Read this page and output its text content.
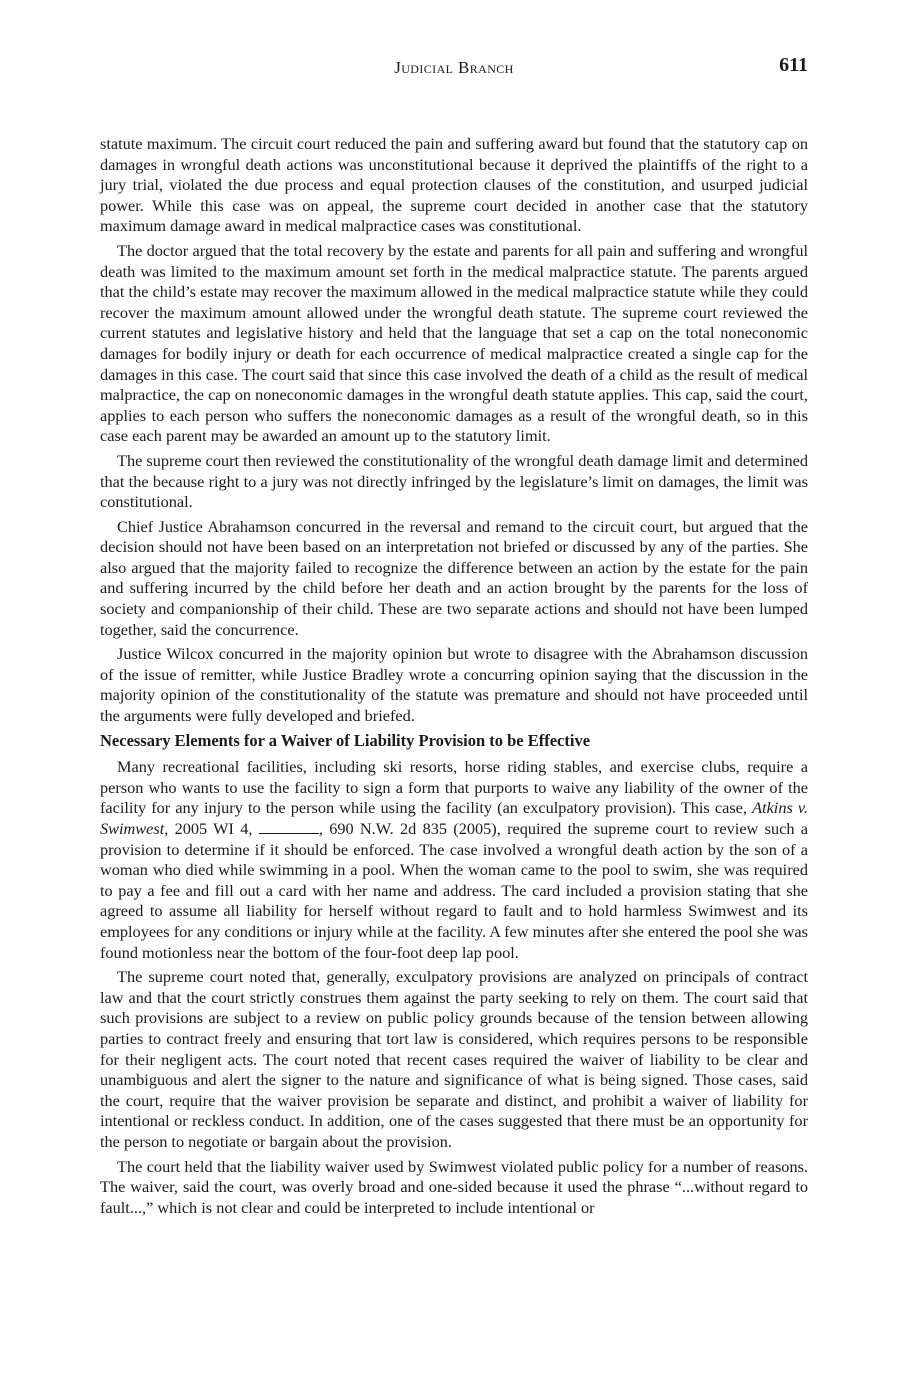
Judicial Branch	611

statute maximum. The circuit court reduced the pain and suffering award but found that the statutory cap on damages in wrongful death actions was unconstitutional because it deprived the plaintiffs of the right to a jury trial, violated the due process and equal protection clauses of the constitution, and usurped judicial power. While this case was on appeal, the supreme court decided in another case that the statutory maximum damage award in medical malpractice cases was constitutional.

The doctor argued that the total recovery by the estate and parents for all pain and suffering and wrongful death was limited to the maximum amount set forth in the medical malpractice statute. The parents argued that the child’s estate may recover the maximum allowed in the medical malpractice statute while they could recover the maximum amount allowed under the wrongful death statute. The supreme court reviewed the current statutes and legislative history and held that the language that set a cap on the total noneconomic damages for bodily injury or death for each occurrence of medical malpractice created a single cap for the damages in this case. The court said that since this case involved the death of a child as the result of medical malpractice, the cap on noneconomic damages in the wrongful death statute applies. This cap, said the court, applies to each person who suffers the noneconomic damages as a result of the wrongful death, so in this case each parent may be awarded an amount up to the statutory limit.

The supreme court then reviewed the constitutionality of the wrongful death damage limit and determined that the because right to a jury was not directly infringed by the legislature’s limit on damages, the limit was constitutional.

Chief Justice Abrahamson concurred in the reversal and remand to the circuit court, but argued that the decision should not have been based on an interpretation not briefed or discussed by any of the parties. She also argued that the majority failed to recognize the difference between an action by the estate for the pain and suffering incurred by the child before her death and an action brought by the parents for the loss of society and companionship of their child. These are two separate actions and should not have been lumped together, said the concurrence.

Justice Wilcox concurred in the majority opinion but wrote to disagree with the Abrahamson discussion of the issue of remitter, while Justice Bradley wrote a concurring opinion saying that the discussion in the majority opinion of the constitutionality of the statute was premature and should not have proceeded until the arguments were fully developed and briefed.

Necessary Elements for a Waiver of Liability Provision to be Effective

Many recreational facilities, including ski resorts, horse riding stables, and exercise clubs, require a person who wants to use the facility to sign a form that purports to waive any liability of the owner of the facility for any injury to the person while using the facility (an exculpatory provision). This case, Atkins v. Swimwest, 2005 WI 4,	, 690 N.W. 2d 835 (2005), required the supreme court to review such a provision to determine if it should be enforced. The case involved a wrongful death action by the son of a woman who died while swimming in a pool. When the woman came to the pool to swim, she was required to pay a fee and fill out a card with her name and address. The card included a provision stating that she agreed to assume all liability for herself without regard to fault and to hold harmless Swimwest and its employees for any conditions or injury while at the facility. A few minutes after she entered the pool she was found motionless near the bottom of the four-foot deep lap pool.

The supreme court noted that, generally, exculpatory provisions are analyzed on principals of contract law and that the court strictly construes them against the party seeking to rely on them. The court said that such provisions are subject to a review on public policy grounds because of the tension between allowing parties to contract freely and ensuring that tort law is considered, which requires persons to be responsible for their negligent acts. The court noted that recent cases required the waiver of liability to be clear and unambiguous and alert the signer to the nature and significance of what is being signed. Those cases, said the court, require that the waiver provision be separate and distinct, and prohibit a waiver of liability for intentional or reckless conduct. In addition, one of the cases suggested that there must be an opportunity for the person to negotiate or bargain about the provision.

The court held that the liability waiver used by Swimwest violated public policy for a number of reasons. The waiver, said the court, was overly broad and one-sided because it used the phrase “...without regard to fault...,” which is not clear and could be interpreted to include intentional or
